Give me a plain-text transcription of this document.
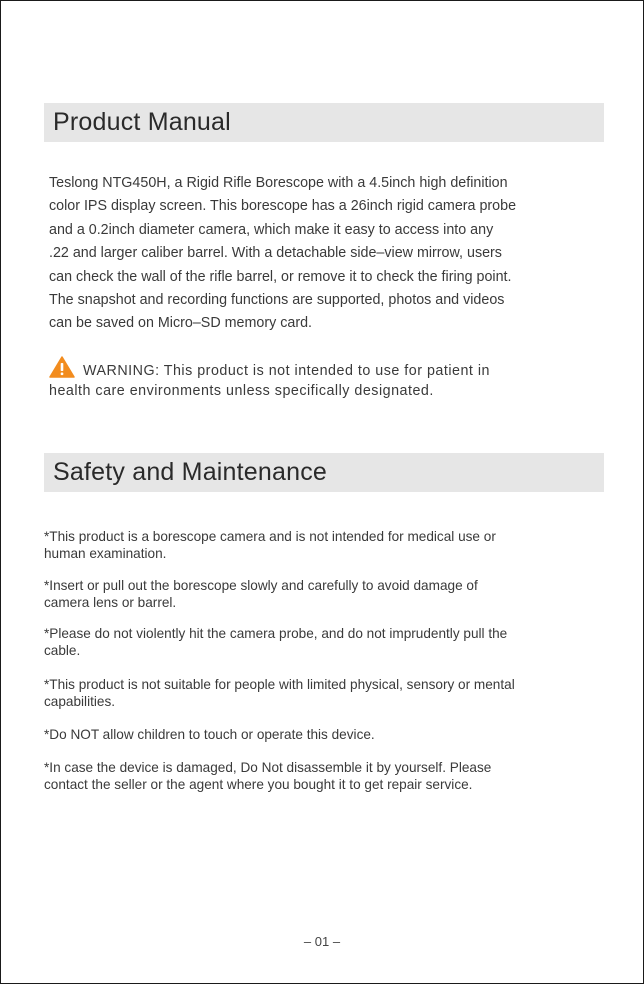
Product Manual
Teslong NTG450H, a Rigid Rifle Borescope with a 4.5inch high definition
color IPS display screen. This borescope has a 26inch rigid camera probe
and a 0.2inch diameter camera, which make it easy to access into any
.22 and larger caliber barrel. With a detachable side–view mirrow, users
can check the wall of the rifle barrel, or remove it to check the firing point.
The snapshot and recording functions are supported, photos and videos
can be saved on Micro–SD memory card.
WARNING: This product is not intended to use for patient in
health care environments unless specifically designated.
Safety and Maintenance
*This product is a borescope camera and is not intended for medical use or
human examination.
*Insert or pull out the borescope slowly and carefully to avoid damage of
camera lens or barrel.
*Please do not violently hit the camera probe, and do not imprudently pull the
cable.
*This product is not suitable for people with limited physical, sensory or mental
capabilities.
*Do NOT allow children to touch or operate this device.
*In case the device is damaged, Do Not disassemble it by yourself. Please
contact the seller or the agent where you bought it to get repair service.
– 01 –
